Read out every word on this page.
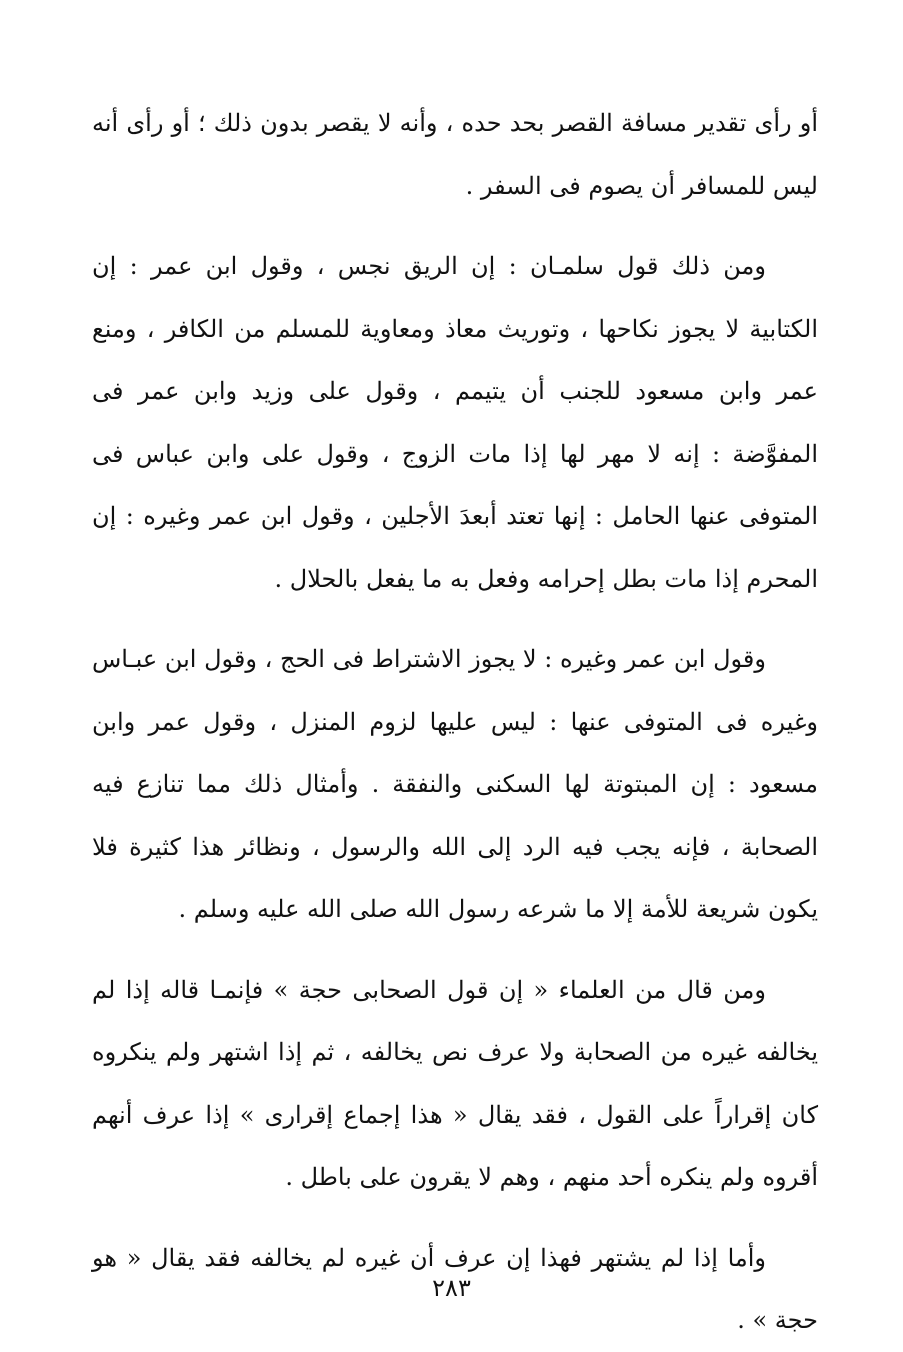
أو رأى تقدير مسافة القصر بحد حده ، وأنه لا يقصر بدون ذلك ؛ أو رأى أنه ليس للمسافر أن يصوم فى السفر .

ومن ذلك قول سلمـان : إن الريق نجس ، وقول ابن عمر : إن الكتابية لا يجوز نكاحها ، وتوريث معاذ ومعاوية للمسلم من الكافر ، ومنع عمر وابن مسعود للجنب أن يتيمم ، وقول على وزيد وابن عمر فى المفوَّضة : إنه لا مهر لها إذا مات الزوج ، وقول على وابن عباس فى المتوفى عنها الحامل : إنها تعتد أبعدَ الأجلين ، وقول ابن عمر وغيره : إن المحرم إذا مات بطل إحرامه وفعل به ما يفعل بالحلال .

وقول ابن عمر وغيره : لا يجوز الاشتراط فى الحج ، وقول ابن عبـاس وغيره فى المتوفى عنها : ليس عليها لزوم المنزل ، وقول عمر وابن مسعود : إن المبتوتة لها السكنى والنفقة . وأمثال ذلك مما تنازع فيه الصحابة ، فإنه يجب فيه الرد إلى الله والرسول ، ونظائر هذا كثيرة فلا يكون شريعة للأمة إلا ما شرعه رسول الله صلى الله عليه وسلم .

ومن قال من العلماء « إن قول الصحابى حجة » فإنمـا قاله إذا لم يخالفه غيره من الصحابة ولا عرف نص يخالفه ، ثم إذا اشتهر ولم ينكروه كان إقراراً على القول ، فقد يقال « هذا إجماع إقرارى » إذا عرف أنهم أقروه ولم ينكره أحد منهم ، وهم لا يقرون على باطل .

وأما إذا لم يشتهر فهذا إن عرف أن غيره لم يخالفه فقد يقال « هو حجة » .

٢٨٣
